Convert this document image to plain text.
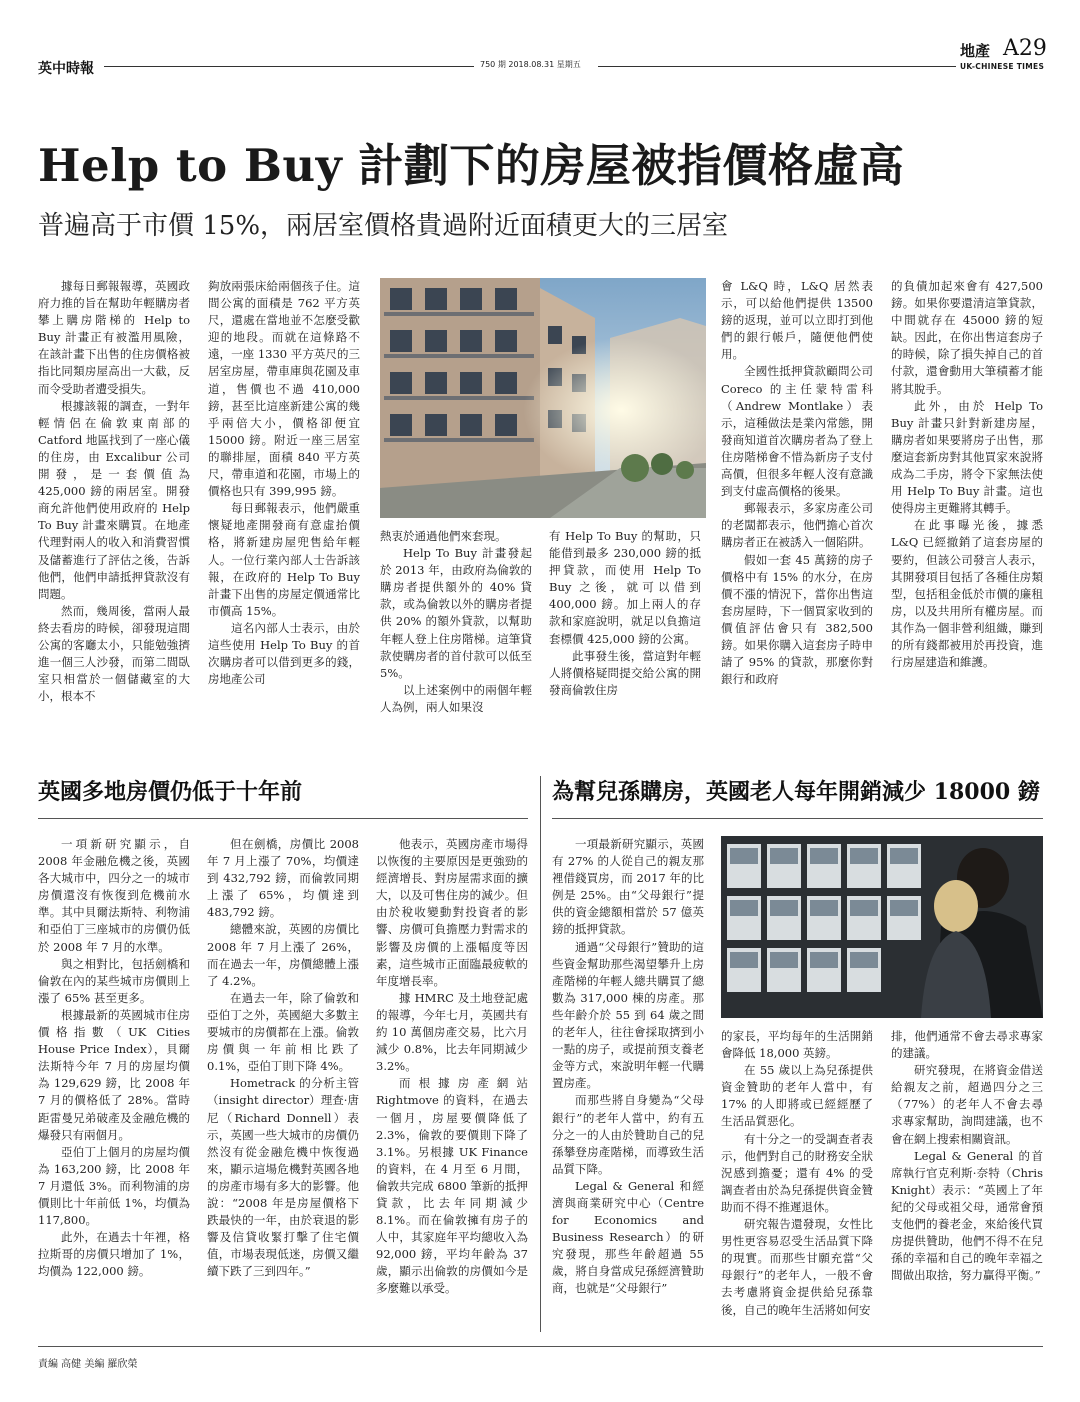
英中時報	750 期 2018.08.31 星期五
地產 A29
UK-CHINESE TIMES
Help to Buy 計劃下的房屋被指價格虛高
普遍高于市價 15%，兩居室價格貴過附近面積更大的三居室

據每日郵報報導，英國政府力推的旨在幫助年輕購房者攀上購房階梯的 Help to Buy 計畫正有被濫用風險，在該計畫下出售的住房價格被指比同類房屋高出一大截，反而令受助者遭受損失。

根據該報的調查，一對年輕情侶在倫敦東南部的 Catford 地區找到了一座心儀的住房，由 Excalibur 公司開發，是一套價值為 425,000 鎊的兩居室。開發商允許他們使用政府的 Help To Buy 計畫來購買。在地產代理對兩人的收入和消費習慣及儲蓄進行了評估之後，告訴他們，他們申請抵押貸款沒有問題。

然而，幾周後，當兩人最終去看房的時候，卻發現這間公寓的客廳太小，只能勉強擠進一個三人沙發，而第二間臥室只相當於一個儲藏室的大小，根本不

夠放兩張床給兩個孩子住。這間公寓的面積是 762 平方英尺，還處在當地並不怎麼受歡迎的地段。而就在這條路不遠，一座 1330 平方英尺的三居室房屋，帶車庫與花園及車道，售價也不過 410,000 鎊，甚至比這座新建公寓的幾乎兩倍大小，價格卻便宜 15000 鎊。附近一座三居室的聯排屋，面積 840 平方英尺，帶車道和花園，市場上的價格也只有 399,995 鎊。

每日郵報表示，他們嚴重懷疑地產開發商有意虛抬價格，將新建房屋兜售給年輕人。一位行業內部人士告訴該報，在政府的 Help To Buy 計畫下出售的房屋定價通常比市價高 15%。

這名內部人士表示，由於這些使用 Help To Buy 的首次購房者可以借到更多的錢，房地產公司

熱衷於通過他們來套現。

Help To Buy 計畫發起於 2013 年，由政府為倫敦的購房者提供額外的 40% 貸款，或為倫敦以外的購房者提供 20% 的額外貸款，以幫助年輕人登上住房階梯。這筆貸款使購房者的首付款可以低至 5%。

以上述案例中的兩個年輕人為例，兩人如果沒

有 Help To Buy 的幫助，只能借到最多 230,000 鎊的抵押貸款，而使用 Help To Buy 之後，就可以借到 400,000 鎊。加上兩人的存款和家庭說明，就足以負擔這套標價 425,000 鎊的公寓。

此事發生後，當這對年輕人將價格疑問提交給公寓的開發商倫敦住房

會 L&Q 時，L&Q 居然表示，可以給他們提供 13500 鎊的返現，並可以立即打到他們的銀行帳戶，隨便他們使用。

全國性抵押貸款顧問公司 Coreco 的主任蒙特雷科（Andrew Montlake）表示，這種做法是業內常態，開發商知道首次購房者為了登上住房階梯會不惜為新房子支付高價，但很多年輕人沒有意識到支付虛高價格的後果。

郵報表示，多家房產公司的老闆都表示，他們擔心首次購房者正在被誘入一個陷阱。

假如一套 45 萬鎊的房子價格中有 15% 的水分，在房價不漲的情況下，當你出售這套房屋時，下一個買家收到的價值評估會只有 382,500 鎊。如果你購入這套房子時申請了 95% 的貸款，那麼你對銀行和政府

的負債加起來會有 427,500 鎊。如果你要還清這筆貸款，中間就存在 45000 鎊的短缺。因此，在你出售這套房子的時候，除了損失掉自己的首付款，還會動用大筆積蓄才能將其脫手。

此外，由於 Help To Buy 計畫只針對新建房屋，購房者如果要將房子出售，那麼這套新房對其他買家來說將成為二手房，將令下家無法使用 Help To Buy 計畫。這也使得房主更難將其轉手。

在此事曝光後，據悉 L&Q 已經撤銷了這套房屋的要約，但該公司發言人表示，其開發項目包括了各種住房類型，包括租金低於市價的廉租房，以及共用所有權房屋。而其作為一個非營利組織，賺到的所有錢都被用於再投資，進行房屋建造和維護。

英國多地房價仍低于十年前

一項新研究顯示，自 2008 年金融危機之後，英國各大城市中，四分之一的城市房價還沒有恢復到危機前水準。其中貝爾法斯特、利物浦和亞伯丁三座城市的房價仍低於 2008 年 7 月的水準。

與之相對比，包括劍橋和倫敦在內的某些城市房價則上漲了 65% 甚至更多。

根據最新的英國城市住房價格指數（UK Cities House Price Index），貝爾法斯特今年 7 月的房屋均價為 129,629 鎊，比 2008 年 7 月的價格低了 28%。當時距雷曼兄弟破產及金融危機的爆發只有兩個月。

亞伯丁上個月的房屋均價為 163,200 鎊，比 2008 年 7 月還低 3%。而利物浦的房價則比十年前低 1%，均價為 117,800。

此外，在過去十年裡，格拉斯哥的房價只增加了 1%，均價為 122,000 鎊。

但在劍橋，房價比 2008 年 7 月上漲了 70%，均價達到 432,792 鎊，而倫敦同期上漲了 65%，均價達到 483,792 鎊。

總體來說，英國的房價比 2008 年 7 月上漲了 26%，而在過去一年，房價總體上漲了 4.2%。

在過去一年，除了倫敦和亞伯丁之外，英國絕大多數主要城市的房價都在上漲。倫敦房價與一年前相比跌了 0.1%，亞伯丁則下降 4%。

Hometrack 的分析主管（insight director）理查·唐尼（Richard Donnell）表示，英國一些大城市的房價仍然沒有從金融危機中恢復過來，顯示這場危機對英國各地的房產市場有多大的影響。他說：“2008 年是房屋價格下跌最快的一年，由於衰退的影響及信貸收緊打擊了住宅價值，市場表現低迷，房價又繼續下跌了三到四年。”

他表示，英國房產市場得以恢復的主要原因是更強勁的經濟增長、對房屋需求面的擴大，以及可售住房的減少。但由於稅收變動對投資者的影響、房價可負擔壓力對需求的影響及房價的上漲幅度等因素，這些城市正面臨最疲軟的年度增長率。

據 HMRC 及土地登記處的報導，今年七月，英國共有約 10 萬個房產交易，比六月減少 0.8%，比去年同期減少 3.2%。

而根據房產網站 Rightmove 的資料，在過去一個月，房屋要價降低了 2.3%，倫敦的要價則下降了 3.1%。另根據 UK Finance 的資料，在 4 月至 6 月間，倫敦共完成 6800 筆新的抵押貸款，比去年同期減少 8.1%。而在倫敦擁有房子的人中，其家庭年平均總收入為 92,000 鎊，平均年齡為 37 歲，顯示出倫敦的房價如今是多麼難以承受。

為幫兒孫購房，英國老人每年開銷減少 18000 鎊

一項最新研究顯示，英國有 27% 的人從自己的親友那裡借錢買房，而 2017 年的比例是 25%。由“父母銀行”提供的資金總額相當於 57 億英鎊的抵押貸款。

通過“父母銀行”贊助的這些資金幫助那些渴望攀升上房產階梯的年輕人總共購買了總數為 317,000 棟的房產。那些年齡介於 55 到 64 歲之間的老年人，往往會採取擠到小一點的房子，或提前預支養老金等方式，來說明年輕一代購置房產。

而那些將自身變為“父母銀行”的老年人當中，約有五分之一的人由於贊助自己的兒孫攀登房產階梯，而導致生活品質下降。

Legal & General 和經濟與商業研究中心（Centre for Economics and Business Research）的研究發現，那些年齡超過 55 歲，將自身當成兒孫經濟贊助商，也就是“父母銀行”

的家長，平均每年的生活開銷會降低 18,000 英鎊。

在 55 歲以上為兒孫提供資金贊助的老年人當中，有 17% 的人即將或已經經歷了生活品質惡化。

有十分之一的受調查者表示，他們對自己的財務安全狀況感到擔憂；還有 4% 的受調查者由於為兒孫提供資金贊助而不得不推遲退休。

研究報告還發現，女性比男性更容易忍受生活品質下降的現實。而那些甘願充當“父母銀行”的老年人，一般不會去考慮將資金提供給兒孫靠後，自己的晚年生活將如何安

排，他們通常不會去尋求專家的建議。

研究發現，在將資金借送給親友之前，超過四分之三（77%）的老年人不會去尋求專家幫助，詢問建議，也不會在網上搜索相關資訊。

Legal & General 的首席執行官克利斯·奈特（Chris Knight）表示：“英國上了年紀的父母或祖父母，通常會預支他們的養老金，來給後代買房提供贊助，他們不得不在兒孫的幸福和自己的晚年幸福之間做出取捨，努力贏得平衡。”

責編 高健 美編 羅欣榮
